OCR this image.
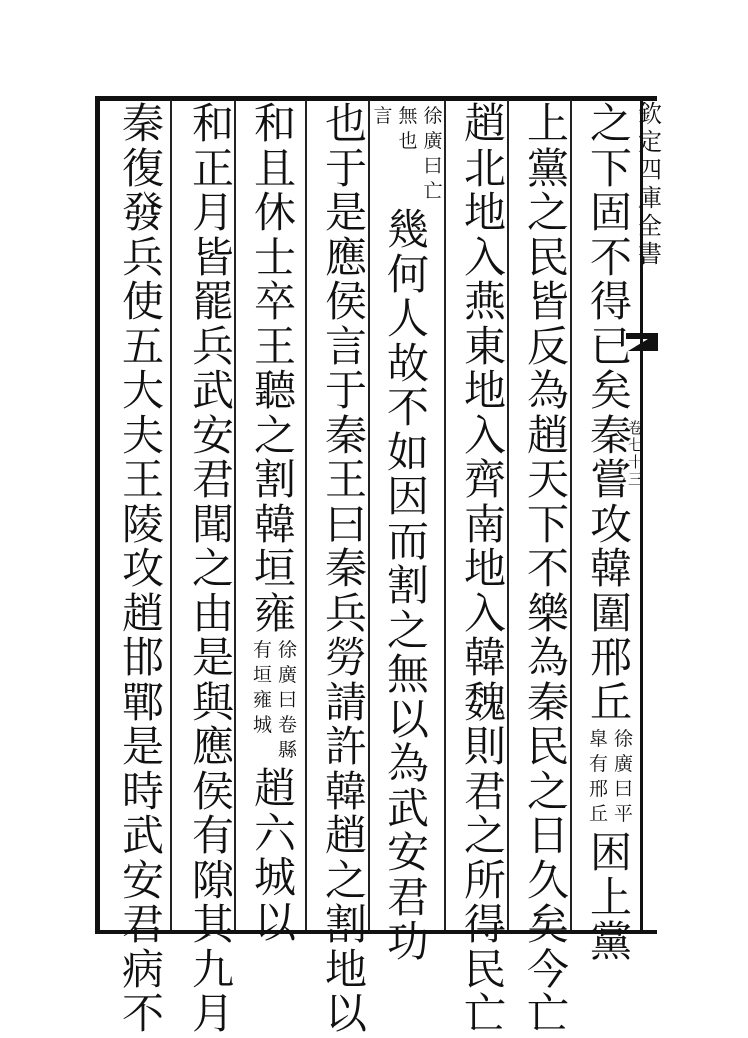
欽
定
四
庫
全
書
卷
七
十
三
之
下
固
不
得
已
矣
秦
嘗
攻
韓
圍
邢
丘
徐
廣
曰
平
皐
有
邢
丘
困
上
黨
上
黨
之
民
皆
反
為
趙
天
下
不
樂
為
秦
民
之
日
久
矣
今
亡
趙
北
地
入
燕
東
地
入
齊
南
地
入
韓
魏
則
君
之
所
得
民
亡
徐
廣
曰
亡
無
也
言
幾
何
人
故
不
如
因
而
割
之
無
以
為
武
安
君
功
也
于
是
應
侯
言
于
秦
王
曰
秦
兵
勞
請
許
韓
趙
之
割
地
以
和
且
休
士
卒
王
聽
之
割
韓
垣
雍
徐
廣
曰
卷
縣
有
垣
雍
城
趙
六
城
以
和
正
月
皆
罷
兵
武
安
君
聞
之
由
是
與
應
侯
有
隙
其
九
月
秦
復
發
兵
使
五
大
夫
王
陵
攻
趙
邯
鄲
是
時
武
安
君
病
不
